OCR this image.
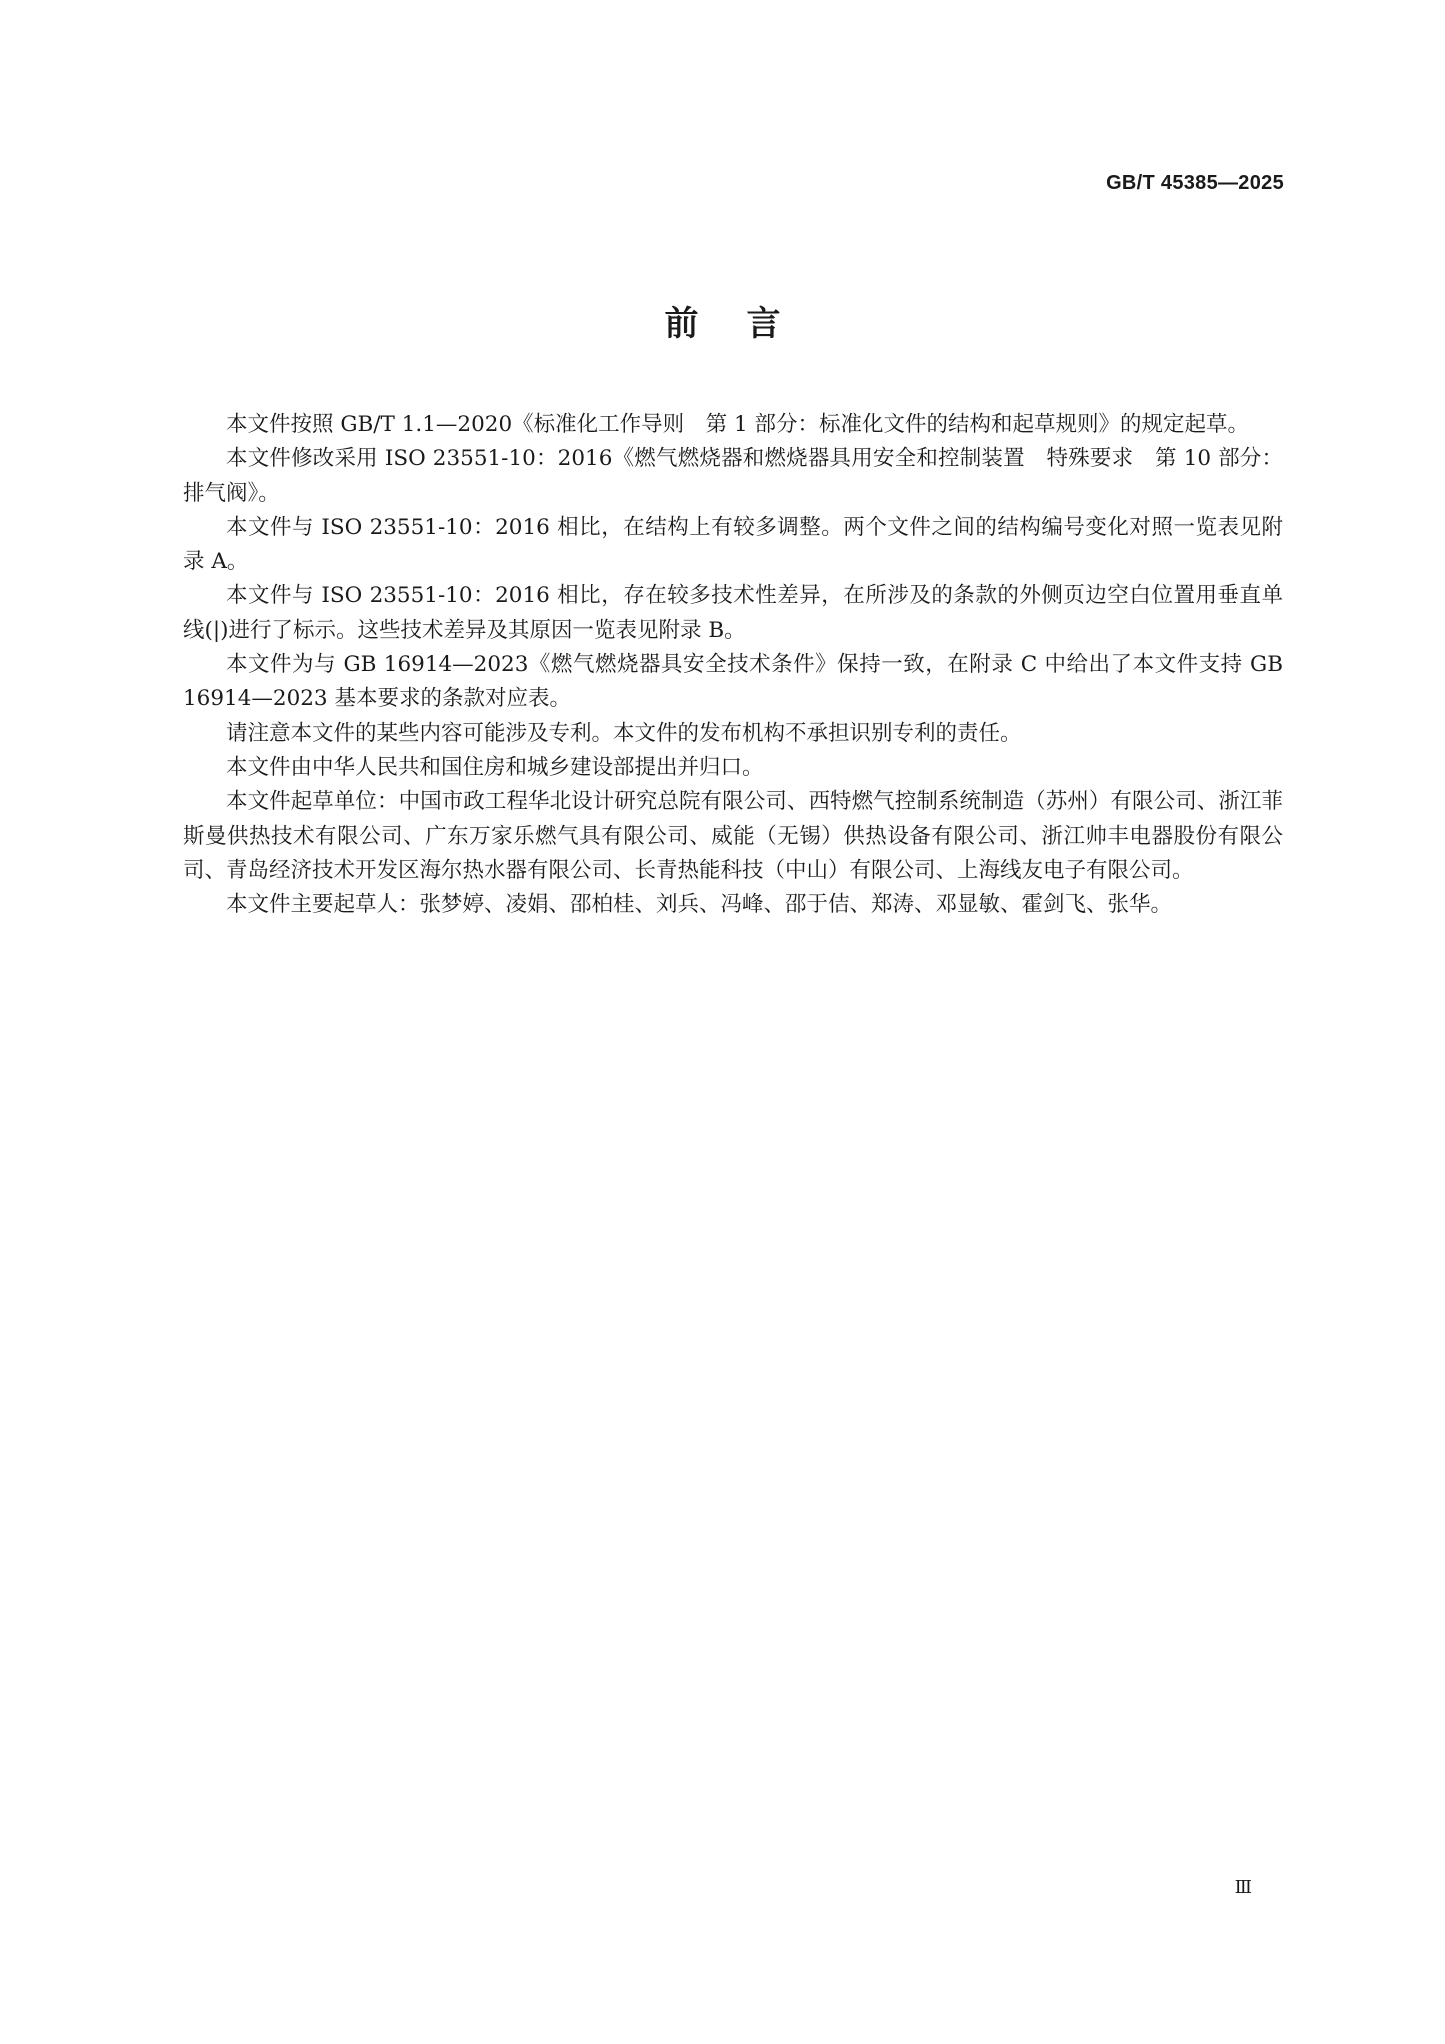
GB/T 45385—2025
前言

本文件按照 GB/T 1.1—2020《标准化工作导则　第 1 部分：标准化文件的结构和起草规则》的规定起草。

本文件修改采用 ISO 23551-10：2016《燃气燃烧器和燃烧器具用安全和控制装置　特殊要求　第 10 部分：排气阀》。

本文件与 ISO 23551-10：2016 相比，在结构上有较多调整。两个文件之间的结构编号变化对照一览表见附录 A。

本文件与 ISO 23551-10：2016 相比，存在较多技术性差异，在所涉及的条款的外侧页边空白位置用垂直单线(|)进行了标示。这些技术差异及其原因一览表见附录 B。

本文件为与 GB 16914—2023《燃气燃烧器具安全技术条件》保持一致，在附录 C 中给出了本文件支持 GB 16914—2023 基本要求的条款对应表。

请注意本文件的某些内容可能涉及专利。本文件的发布机构不承担识别专利的责任。

本文件由中华人民共和国住房和城乡建设部提出并归口。

本文件起草单位：中国市政工程华北设计研究总院有限公司、西特燃气控制系统制造（苏州）有限公司、浙江菲斯曼供热技术有限公司、广东万家乐燃气具有限公司、威能（无锡）供热设备有限公司、浙江帅丰电器股份有限公司、青岛经济技术开发区海尔热水器有限公司、长青热能科技（中山）有限公司、上海线友电子有限公司。

本文件主要起草人：张梦婷、凌娟、邵柏桂、刘兵、冯峰、邵于佶、郑涛、邓显敏、霍剑飞、张华。

Ⅲ
